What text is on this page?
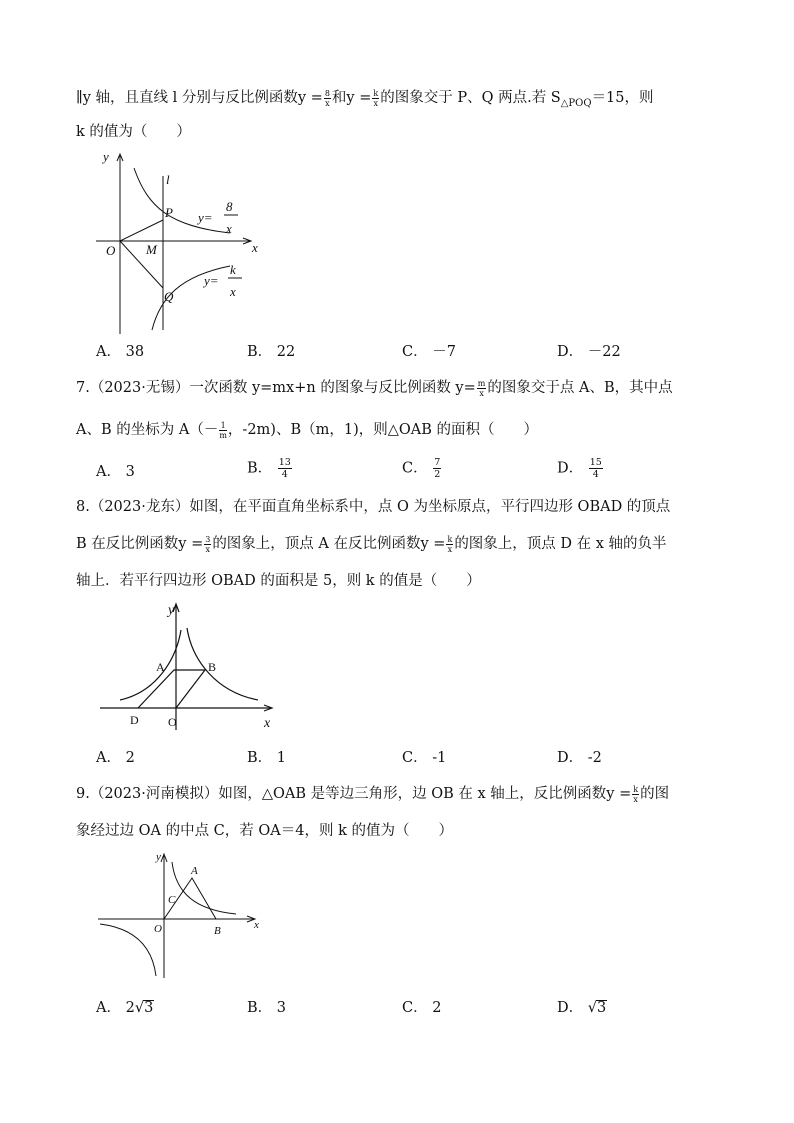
∥y 轴，且直线 l 分别与反比例函数$y = \frac{8}{x}$ 和$y = \frac{k}{x}$ 的图象交于 P、Q 两点.若 $S_{\triangle POQ}=15$，则
k 的值为（　　）
y
l
P y=
8
x
O M	x
Q
y=
k
x
A． 38	B． 22	C． －7	D． －22
7.（2023·无锡）一次函数 y=mx+n 的图象与反比例函数 $y= \frac{m}{x}$ 的图象交于点 A、B，其中点
A、B 的坐标为 $A(- \frac{1}{m}$ ，-2m)、B（m，1)，则△OAB 的面积（　　）
A． 3	B． $\frac{13}{4}$	C． $\frac{7}{2}$	D． $\frac{15}{4}$
8.（2023·龙东）如图，在平面直角坐标系中，点 O 为坐标原点，平行四边形 OBAD 的顶点
B 在反比例函数$y = \frac{3}{x}$ 的图象上，顶点 A 在反比例函数$y = \frac{k}{x}$ 的图象上，顶点 D 在 x 轴的负半
轴上．若平行四边形 OBAD 的面积是 5，则 k 的值是（　　）
y
A	B
D O	x
A． 2	B． 1	C． -1	D． -2
9.（2023·河南模拟）如图，△OAB 是等边三角形，边 OB 在 x 轴上，反比例函数$y = \frac{k}{x}$ 的图
象经过边 OA 的中点 C，若 OA＝4，则 k 的值为（　　）
y
A
C
O	B	x
A． 2√3	B． 3	C． 2	D． √3
